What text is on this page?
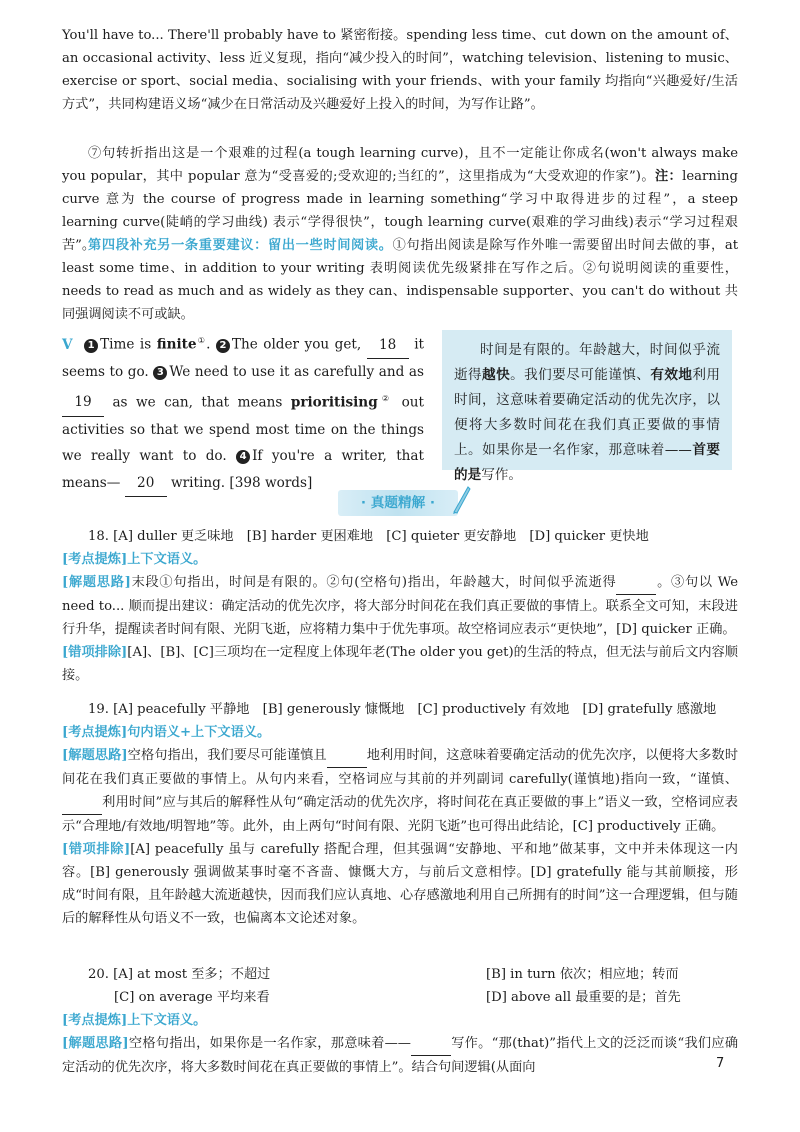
You'll have to... There'll probably have to 紧密衔接。spending less time、cut down on the amount of、an occasional activity、less 近义复现，指向“减少投入的时间”，watching television、listening to music、exercise or sport、social media、socialising with your friends、with your family 均指向“兴趣爱好/生活方式”，共同构建语义场“减少在日常活动及兴趣爱好上投入的时间，为写作让路”。

⑦句转折指出这是一个艰难的过程(a tough learning curve)，且不一定能让你成名(won't always make you popular，其中 popular 意为“受喜爱的;受欢迎的;当红的”，这里指成为“大受欢迎的作家”)。注：learning curve 意为 the course of progress made in learning something“学习中取得进步的过程”，a steep learning curve(陡峭的学习曲线) 表示“学得很快”，tough learning curve(艰难的学习曲线)表示“学习过程艰苦”。

第四段补充另一条重要建议：留出一些时间阅读。①句指出阅读是除写作外唯一需要留出时间去做的事，at least some time、in addition to your writing 表明阅读优先级紧排在写作之后。②句说明阅读的重要性，needs to read as much and as widely as they can、indispensable supporter、you can't do without 共同强调阅读不可或缺。

V 1 Time is finite①. 2 The older you get, 18 it seems to go. 3 We need to use it as carefully and as 19 as we can, that means prioritising② out activities so that we spend most time on the things we really want to do. 4 If you're a writer, that means— 20 writing. [398 words]

时间是有限的。年龄越大，时间似乎流逝得越快。我们要尽可能谨慎、有效地利用时间，这意味着要确定活动的优先次序，以便将大多数时间花在我们真正要做的事情上。如果你是一名作家，那意味着——首要的是写作。

· 真题精解 ·

18. [A] duller 更乏味地　[B] harder 更困难地　[C] quieter 更安静地　[D] quicker 更快地

[考点提炼]上下文语义。

[解题思路]末段①句指出，时间是有限的。②句(空格句)指出，年龄越大，时间似乎流逝得	。③句以 We need to... 顺而提出建议：确定活动的优先次序，将大部分时间花在我们真正要做的事情上。联系全文可知，末段进行升华，提醒读者时间有限、光阴飞逝，应将精力集中于优先事项。故空格词应表示“更快地”，[D] quicker 正确。

[错项排除][A]、[B]、[C]三项均在一定程度上体现年老(The older you get)的生活的特点，但无法与前后文内容顺接。

19. [A] peacefully 平静地　[B] generously 慷慨地　[C] productively 有效地　[D] gratefully 感激地

[考点提炼]句内语义+上下文语义。

[解题思路]空格句指出，我们要尽可能谨慎且	地利用时间，这意味着要确定活动的优先次序，以便将大多数时间花在我们真正要做的事情上。从句内来看，空格词应与其前的并列副词 carefully(谨慎地)指向一致，“谨慎、 利用时间”应与其后的解释性从句“确定活动的优先次序，将时间花在真正要做的事上”语义一致，空格词应表示“合理地/有效地/明智地”等。此外，由上两句“时间有限、光阴飞逝”也可得出此结论，[C] productively 正确。

[错项排除][A] peacefully 虽与 carefully 搭配合理，但其强调“安静地、平和地”做某事，文中并未体现这一内容。[B] generously 强调做某事时毫不吝啬、慷慨大方，与前后文意相悖。[D] gratefully 能与其前顺接，形成“时间有限，且年龄越大流逝越快，因而我们应认真地、心存感激地利用自己所拥有的时间”这一合理逻辑，但与随后的解释性从句语义不一致，也偏离本文论述对象。

20. [A] at most 至多；不超过	[B] in turn 依次；相应地；转而
[C] on average 平均来看	[D] above all 最重要的是；首先

[考点提炼]上下文语义。

[解题思路]空格句指出，如果你是一名作家，那意味着——	写作。“那(that)”指代上文的泛泛而谈“我们应确定活动的优先次序，将大多数时间花在真正要做的事情上”。结合句间逻辑(从面向	7
